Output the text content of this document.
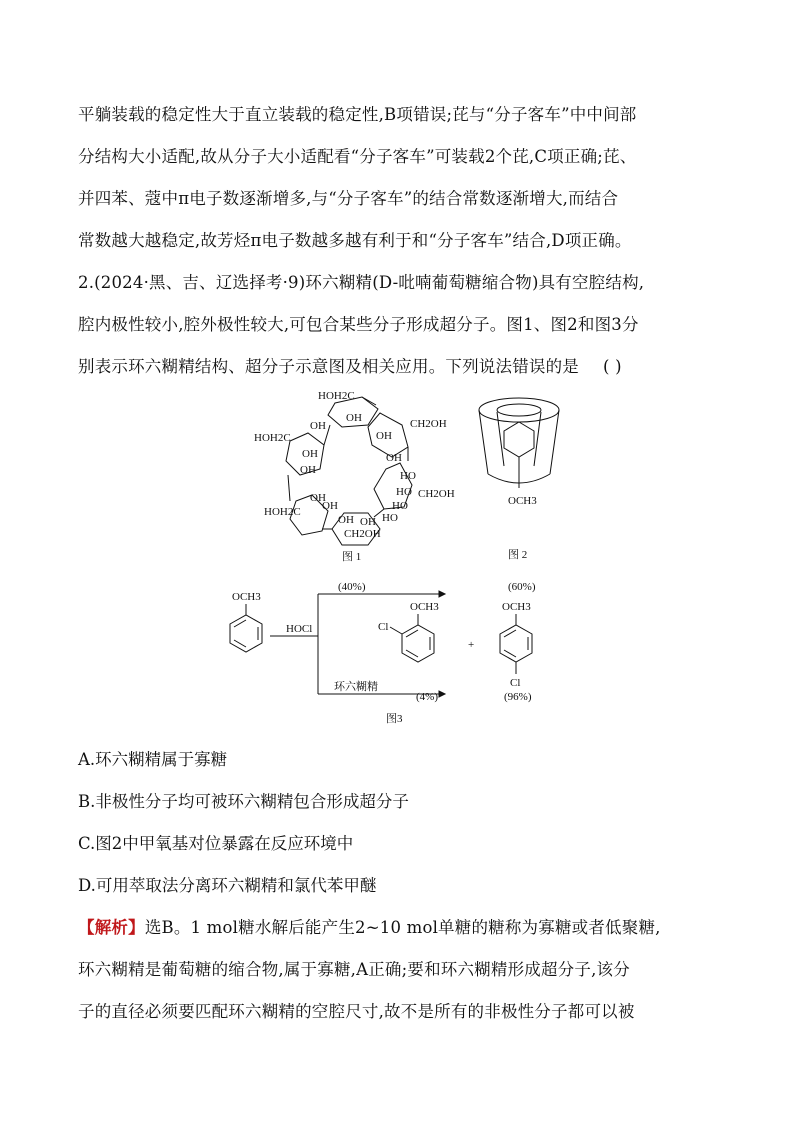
平躺装载的稳定性大于直立装载的稳定性,B项错误;芘与“分子客车”中中间部
分结构大小适配,故从分子大小适配看“分子客车”可装载2个芘,C项正确;芘、
并四苯、蔻中π电子数逐渐增多,与“分子客车”的结合常数逐渐增大,而结合
常数越大越稳定,故芳烃π电子数越多越有利于和“分子客车”结合,D项正确。
2.(2024·黑、吉、辽选择考·9)环六糊精(D-吡喃葡萄糖缩合物)具有空腔结构,
腔内极性较小,腔外极性较大,可包合某些分子形成超分子。图1、图2和图3分
别表示环六糊精结构、超分子示意图及相关应用。下列说法错误的是 ( )
HOH2C
OH
OH	CH2OH
HOH2C	OH
OH	OH
HO
OH
HO
OH
HO
CH2OH
HOH2C OH
HO
OH
OH
CH2OH
图 1
OCH3
图 2
OCH3
HOCl
(40%)	(60%)
OCH3	OCH3
Cl
+
Cl
环六糊精
(4%)	(96%)
图3
A.环六糊精属于寡糖
B.非极性分子均可被环六糊精包合形成超分子
C.图2中甲氧基对位暴露在反应环境中
D.可用萃取法分离环六糊精和氯代苯甲醚
【解析】选B。1 mol糖水解后能产生2~10 mol单糖的糖称为寡糖或者低聚糖,
环六糊精是葡萄糖的缩合物,属于寡糖,A正确;要和环六糊精形成超分子,该分
子的直径必须要匹配环六糊精的空腔尺寸,故不是所有的非极性分子都可以被
